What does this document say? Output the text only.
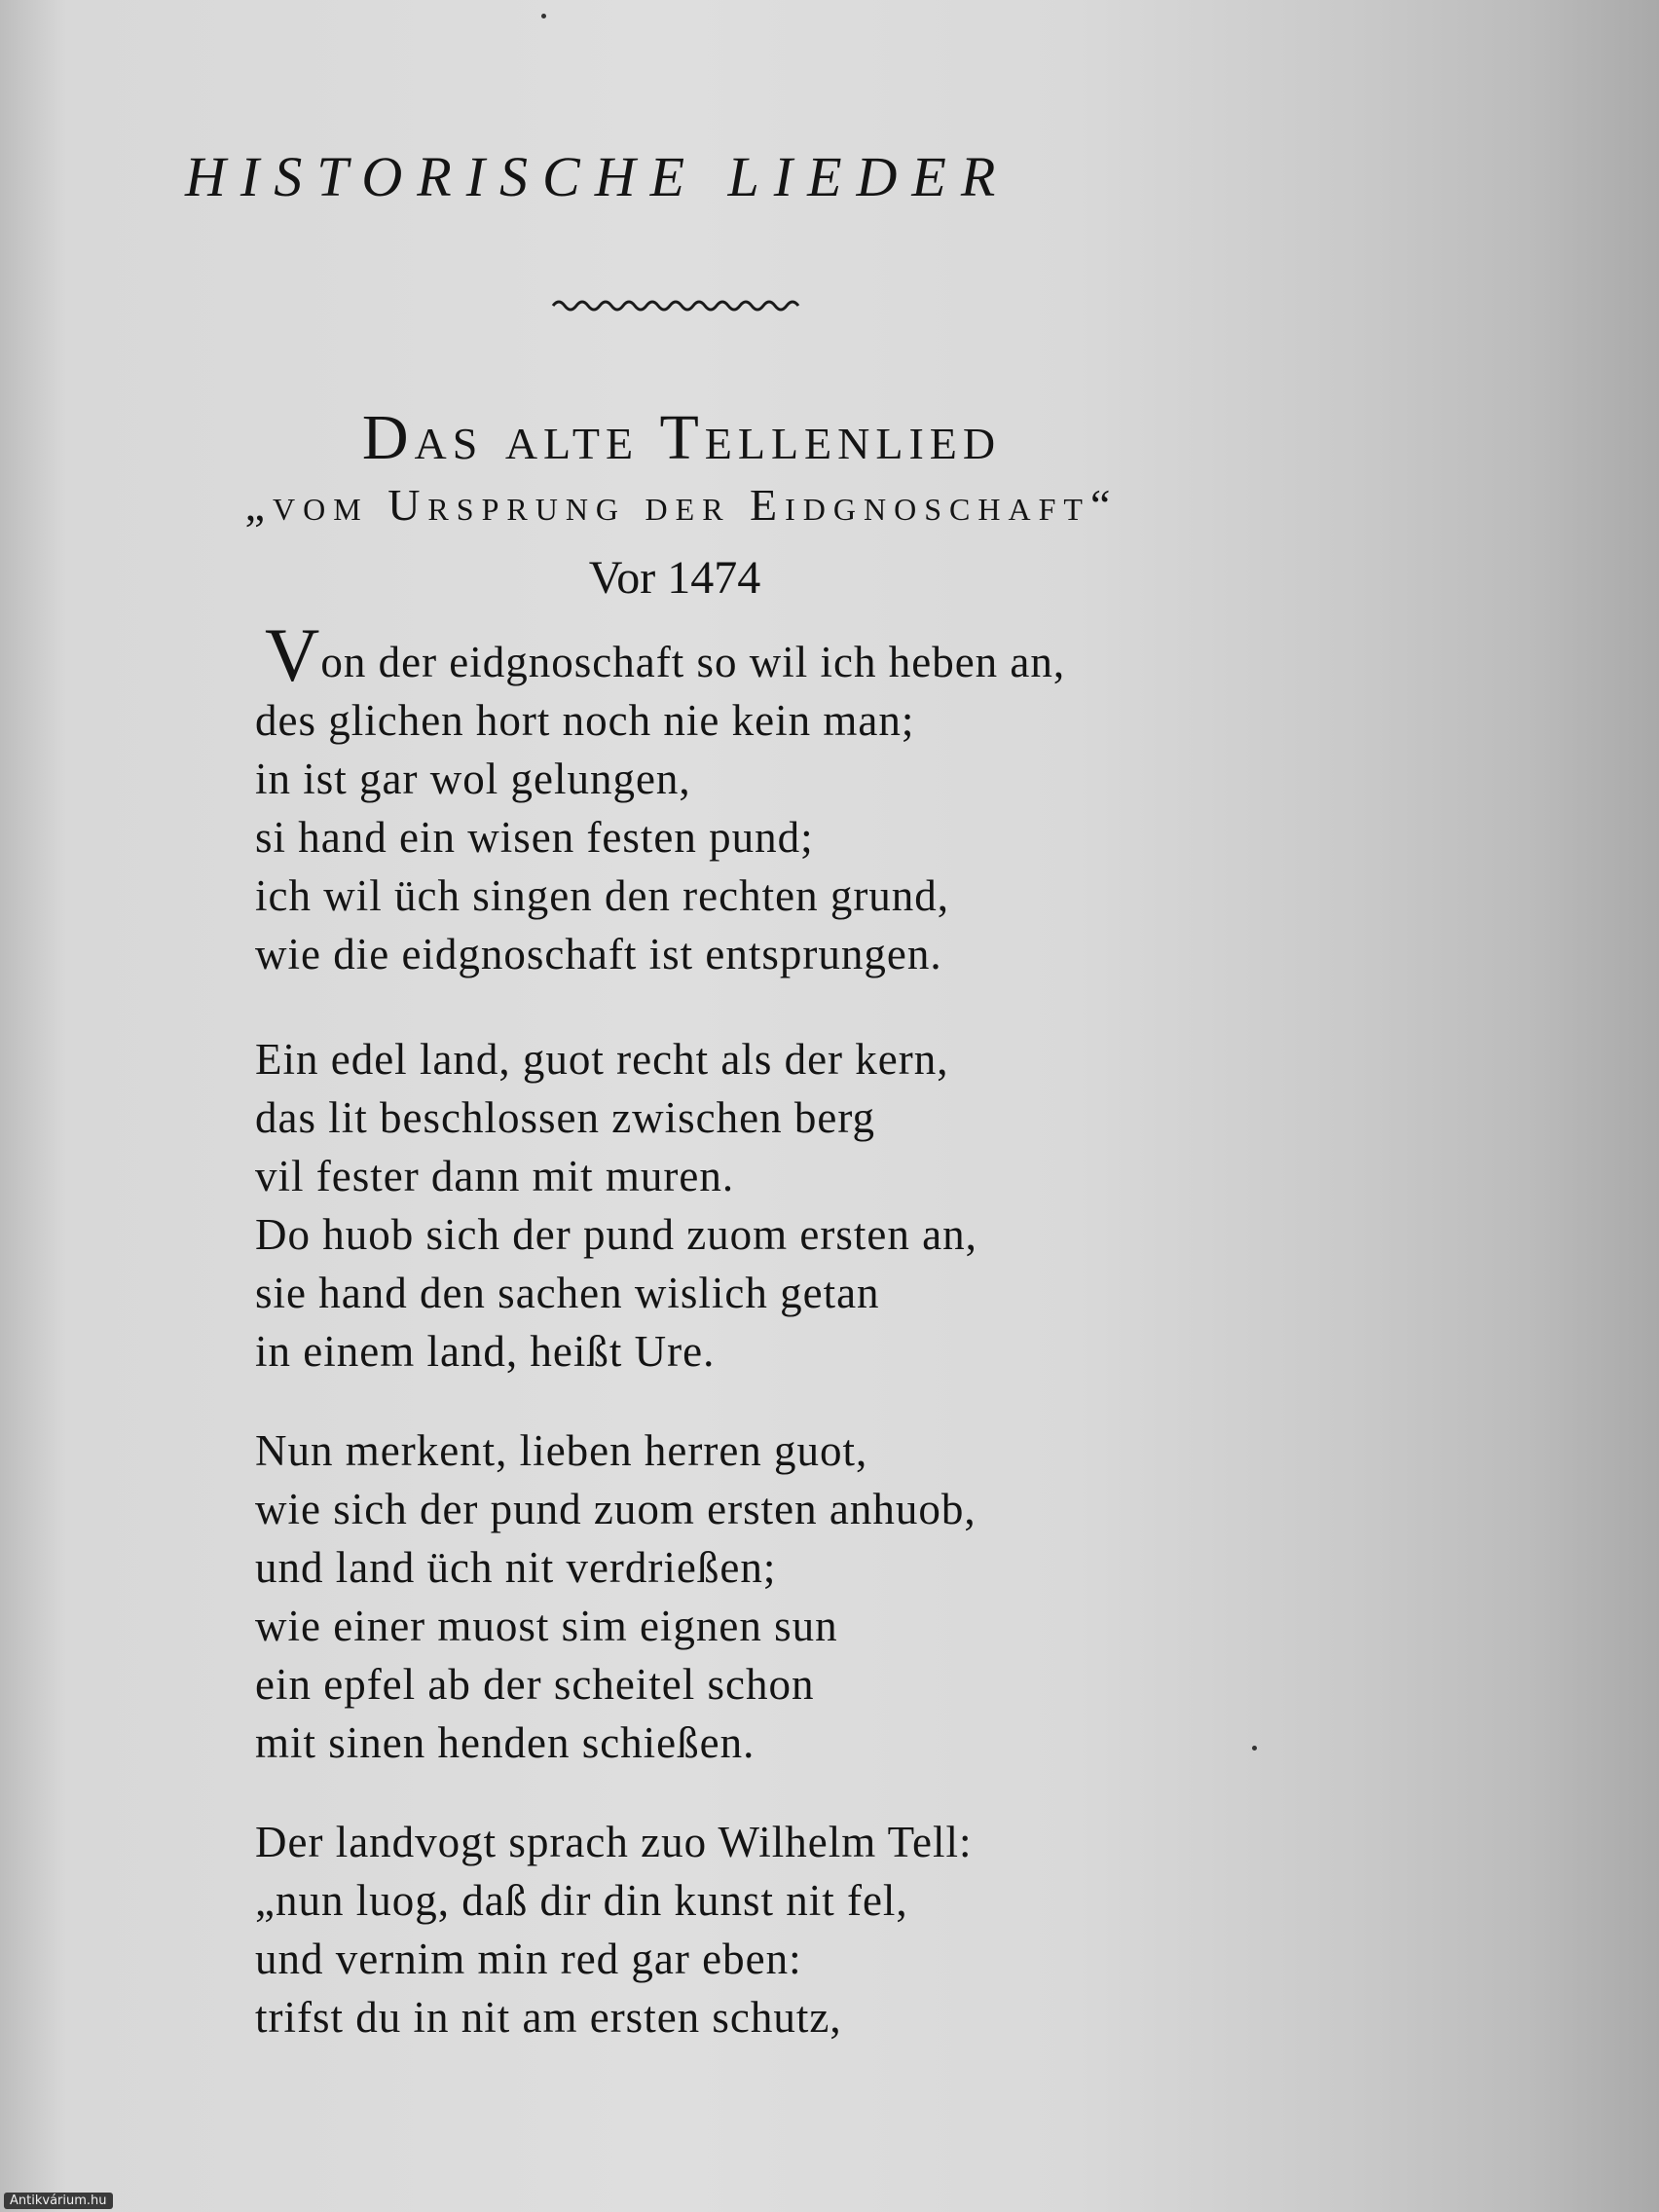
HISTORISCHE LIEDER
Das alte Tellenlied
„vom Ursprung der Eidgnoschaft“
Vor 1474
Von der eidgnoschaft so wil ich heben an,
des glichen hort noch nie kein man;
in ist gar wol gelungen,
si hand ein wisen festen pund;
ich wil üch singen den rechten grund,
wie die eidgnoschaft ist entsprungen.
Ein edel land, guot recht als der kern,
das lit beschlossen zwischen berg
vil fester dann mit muren.
Do huob sich der pund zuom ersten an,
sie hand den sachen wislich getan
in einem land, heißt Ure.
Nun merkent, lieben herren guot,
wie sich der pund zuom ersten anhuob,
und land üch nit verdrießen;
wie einer muost sim eignen sun
ein epfel ab der scheitel schon
mit sinen henden schießen.
Der landvogt sprach zuo Wilhelm Tell:
„nun luog, daß dir din kunst nit fel,
und vernim min red gar eben:
trifst du in nit am ersten schutz,
Antikvárium.hu
